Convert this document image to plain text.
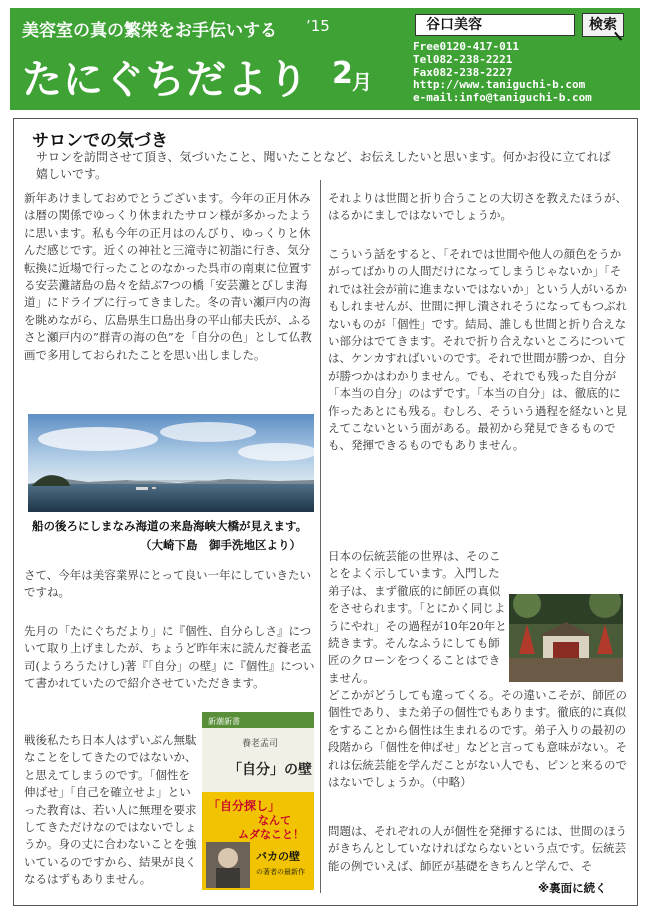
美容室の真の繁栄をお手伝いする ’15
たにぐちだより 2 月
谷口美容	検索
Free0120-417-011
Tel082-238-2221
Fax082-238-2227
http://www.taniguchi-b.com
e-mail:info@taniguchi-b.com
サロンでの気づき
サロンを訪問させて頂き、気づいたこと、聞いたことなど、お伝えしたいと思います。何かお役に立てれば嬉しいです。
新年あけましておめでとうございます。今年の正月休みは暦の関係でゆっくり休まれたサロン様が多かったように思います。私も今年の正月はのんびり、ゆっくりと休んだ感じです。近くの神社と三滝寺に初詣に行き、気分転換に近場で行ったことのなかった呉市の南東に位置する安芸灘諸島の島々を結ぶ7つの橋「安芸灘とびしま海道」にドライブに行ってきました。冬の青い瀬戸内の海を眺めながら、広島県生口島出身の平山郁夫氏が、ふるさと瀬戸内の”群青の海の色”を「自分の色」として仏教画で多用しておられたことを思い出しました。
船の後ろにしまなみ海道の来島海峡大橋が見えます。
（大崎下島　御手洗地区より）
さて、今年は美容業界にとって良い一年にしていきたいですね。
先月の「たにぐちだより」に『個性、自分らしさ』について取り上げましたが、ちょうど昨年末に読んだ養老孟司(ようろうたけし)著『「自分」の壁』に『個性』について書かれていたので紹介させていただきます。
戦後私たち日本人はずいぶん無駄なことをしてきたのではないか、と思えてしまうのです。「個性を伸ばせ」「自己を確立せよ」といった教育は、若い人に無理を要求してきただけなのではないでしょうか。身の丈に合わないことを強いているのですから、結果が良くなるはずもありません。
新潮新書
養老孟司
「自分」の壁
「自分探し」
なんて
ムダなこと！
バカの壁
の著者の最新作
それよりは世間と折り合うことの大切さを教えたほうが、はるかにましではないでしょうか。
こういう話をすると、「それでは世間や他人の顔色をうかがってばかりの人間だけになってしまうじゃないか」「それでは社会が前に進まないではないか」という人がいるかもしれませんが、世間に押し潰されそうになってもつぶれないものが「個性」です。結局、誰しも世間と折り合えない部分はでてきます。それで折り合えないところについては、ケンカすればいいのです。それで世間が勝つか、自分が勝つかはわかりません。でも、それでも残った自分が「本当の自分」のはずです。「本当の自分」は、徹底的に作ったあとにも残る。むしろ、そういう過程を経ないと見えてこないという面がある。最初から発見できるものでも、発揮できるものでもありません。
日本の伝統芸能の世界は、そのことをよく示しています。入門した弟子は、まず徹底的に師匠の真似をさせられます。「とにかく同じようにやれ」その過程が10年20年と続きます。そんなふうにしても師匠のクローンをつくることはできません。
どこかがどうしても違ってくる。その違いこそが、師匠の個性であり、また弟子の個性でもあります。徹底的に真似をすることから個性は生まれるのです。弟子入りの最初の段階から「個性を伸ばせ」などと言っても意味がない。それは伝統芸能を学んだことがない人でも、ピンと来るのではないでしょうか。（中略）
問題は、それぞれの人が個性を発揮するには、世間のほうがきちんとしていなければならないという点です。伝統芸能の例でいえば、師匠が基礎をきちんと学んで、そ
※裏面に続く
